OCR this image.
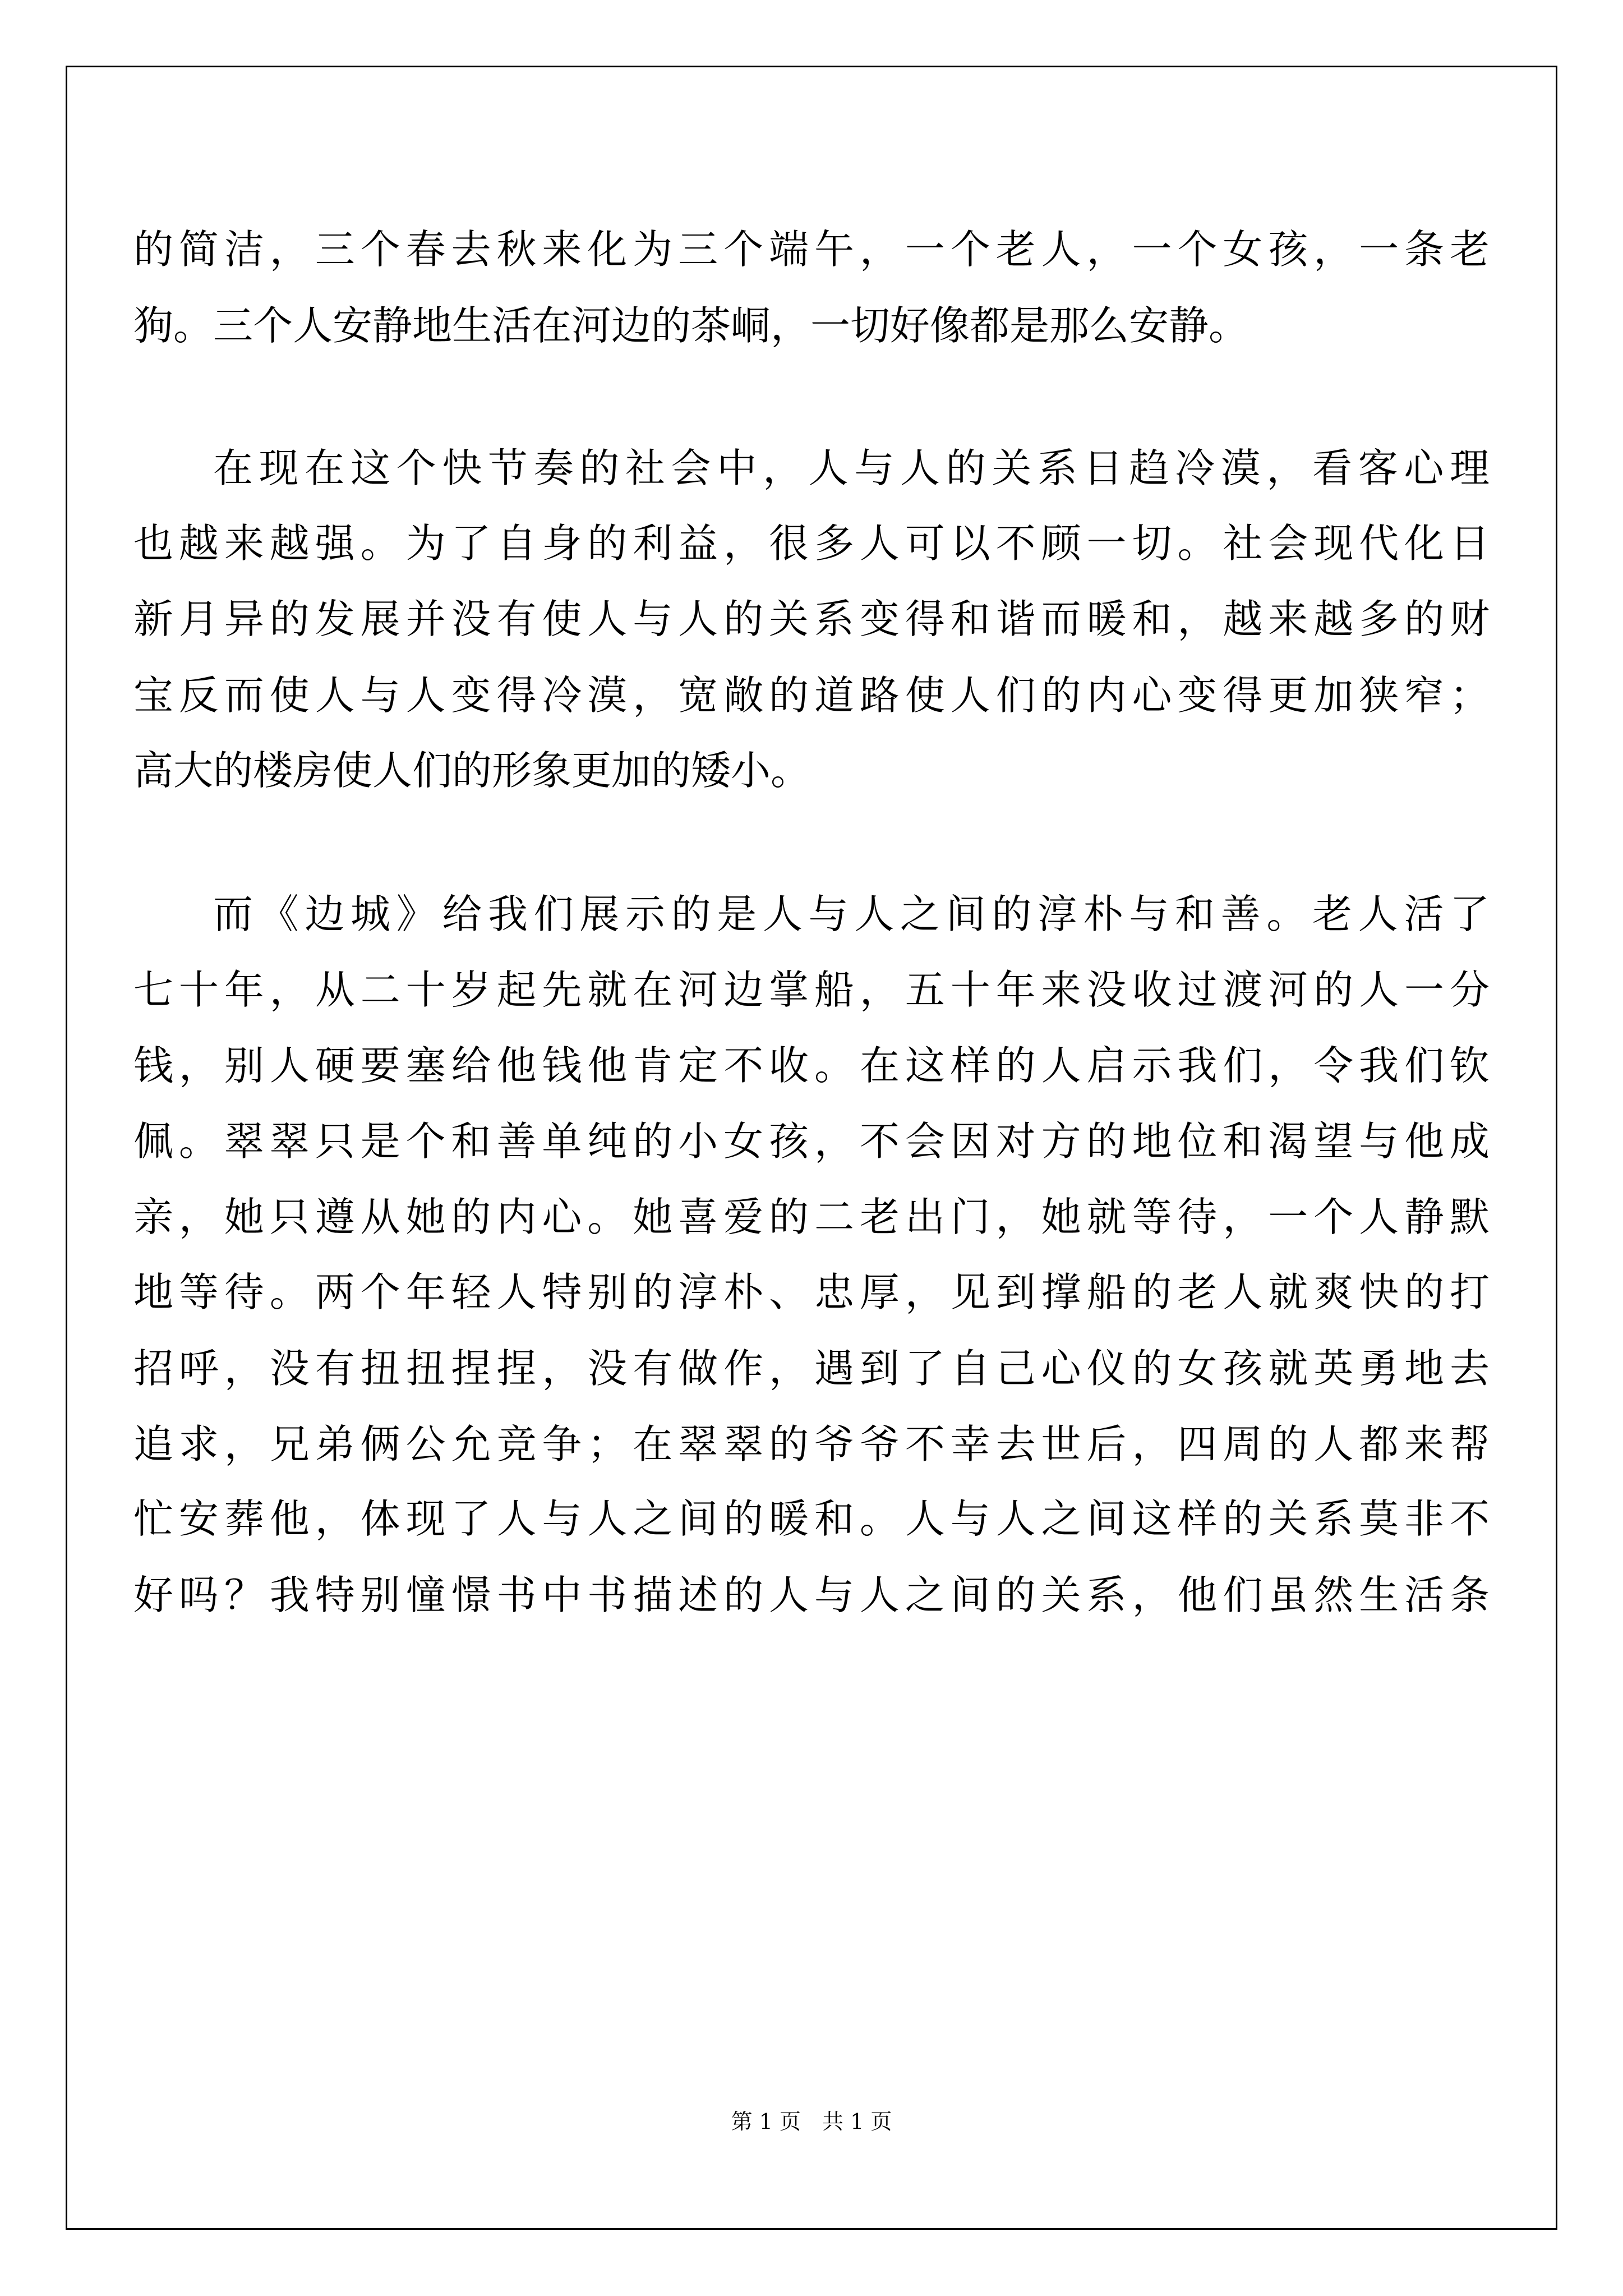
的简洁，三个春去秋来化为三个端午，一个老人，一个女孩，一条老
狗。三个人安静地生活在河边的茶峒，一切好像都是那么安静。
在现在这个快节奏的社会中，人与人的关系日趋冷漠，看客心理
也越来越强。为了自身的利益，很多人可以不顾一切。社会现代化日
新月异的发展并没有使人与人的关系变得和谐而暖和，越来越多的财
宝反而使人与人变得冷漠，宽敞的道路使人们的内心变得更加狭窄；
高大的楼房使人们的形象更加的矮小。
而《边城》给我们展示的是人与人之间的淳朴与和善。老人活了
七十年，从二十岁起先就在河边掌船，五十年来没收过渡河的人一分
钱，别人硬要塞给他钱他肯定不收。在这样的人启示我们，令我们钦
佩。翠翠只是个和善单纯的小女孩，不会因对方的地位和渴望与他成
亲，她只遵从她的内心。她喜爱的二老出门，她就等待，一个人静默
地等待。两个年轻人特别的淳朴、忠厚，见到撑船的老人就爽快的打
招呼，没有扭扭捏捏，没有做作，遇到了自己心仪的女孩就英勇地去
追求，兄弟俩公允竞争；在翠翠的爷爷不幸去世后，四周的人都来帮
忙安葬他，体现了人与人之间的暖和。人与人之间这样的关系莫非不
好吗？我特别憧憬书中书描述的人与人之间的关系，他们虽然生活条
第 1 页　共 1 页
